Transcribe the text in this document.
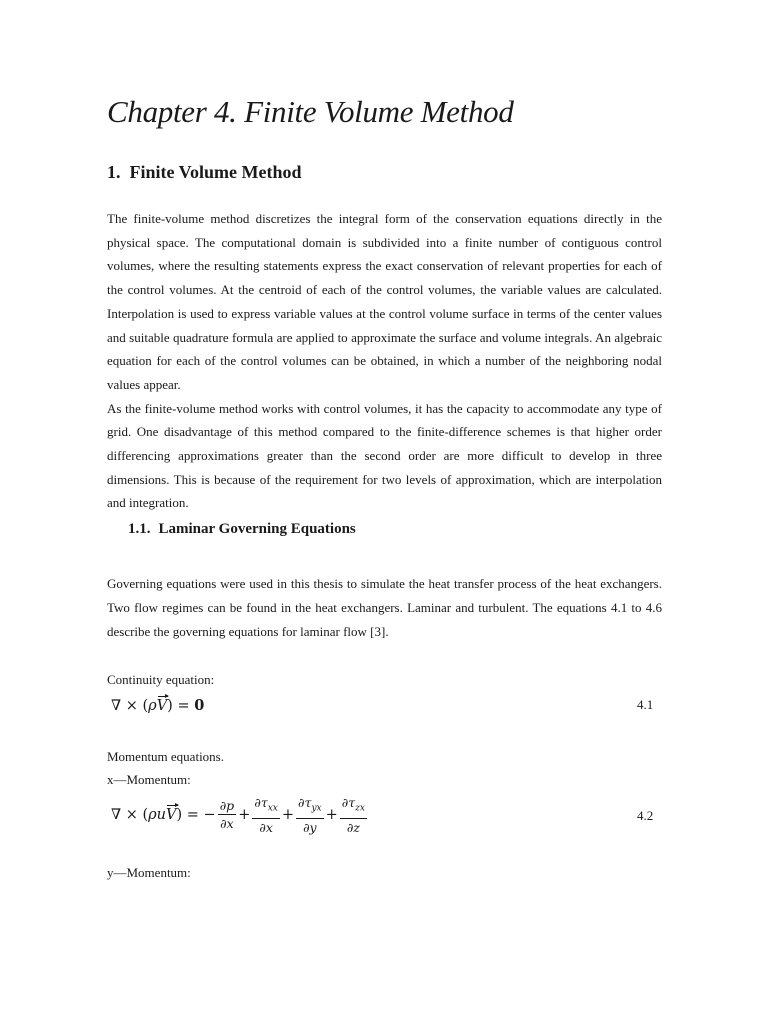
Chapter 4. Finite Volume Method
1. Finite Volume Method

The finite-volume method discretizes the integral form of the conservation equations directly in the physical space. The computational domain is subdivided into a finite number of contiguous control volumes, where the resulting statements express the exact conservation of relevant properties for each of the control volumes. At the centroid of each of the control volumes, the variable values are calculated. Interpolation is used to express variable values at the control volume surface in terms of the center values and suitable quadrature formula are applied to approximate the surface and volume integrals. An algebraic equation for each of the control volumes can be obtained, in which a number of the neighboring nodal values appear.

As the finite-volume method works with control volumes, it has the capacity to accommodate any type of grid. One disadvantage of this method compared to the finite-difference schemes is that higher order differencing approximations greater than the second order are more difficult to develop in three dimensions. This is because of the requirement for two levels of approximation, which are interpolation and integration.

1.1. Laminar Governing Equations

Governing equations were used in this thesis to simulate the heat transfer process of the heat exchangers. Two flow regimes can be found in the heat exchangers. Laminar and turbulent. The equations 4.1 to 4.6 describe the governing equations for laminar flow [3].

Continuity equation:
∇ × (ρV) = 0	4.1
Momentum equations.
x—Momentum:
∇ × (ρuV) = − $\frac{\partial p}{\partial x} + \frac{\partial\tau_{xx}}{\partial x} + \frac{\partial\tau_{yx}}{\partial y} + \frac{\partial\tau_{zx}}{\partial z}$	4.2
y—Momentum:
